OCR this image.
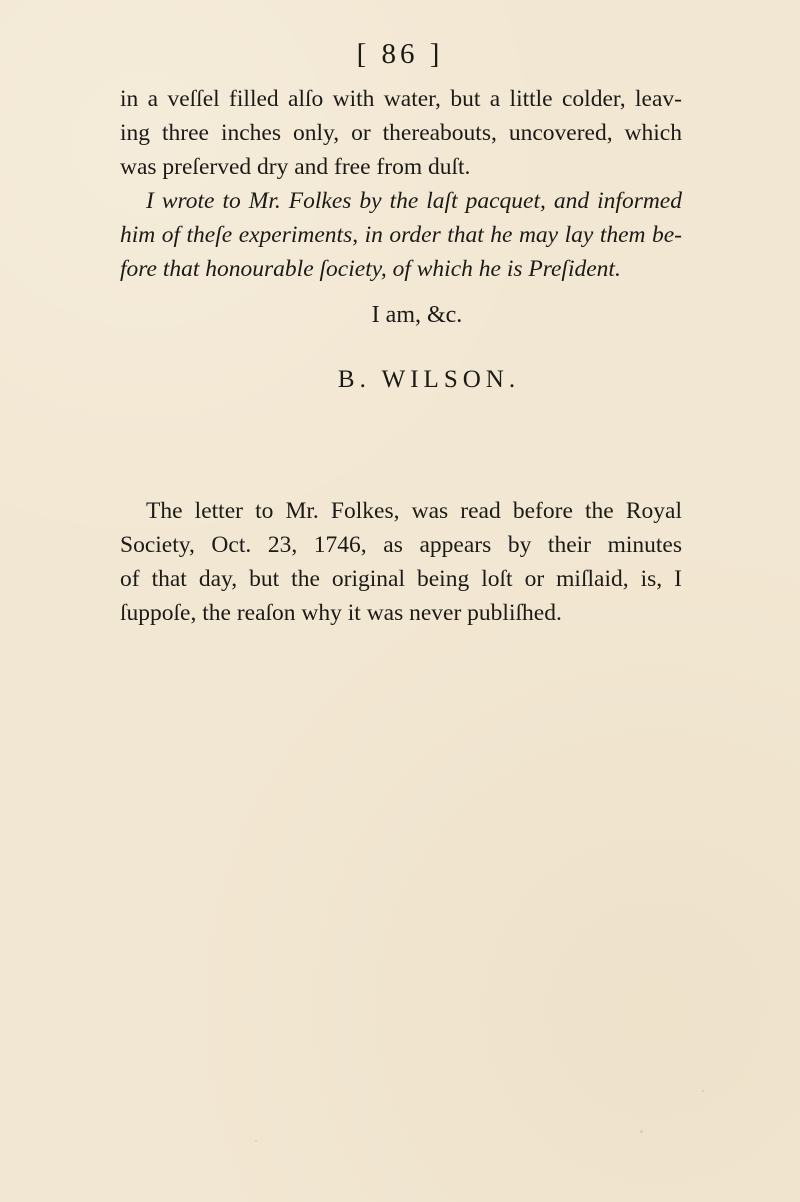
[ 86 ]
in a veſſel filled alſo with water, but a little colder, leav-
ing three inches only, or thereabouts, uncovered, which
was preſerved dry and free from duſt.
I wrote to Mr. Folkes by the laſt pacquet, and informed
him of theſe experiments, in order that he may lay them be-
fore that honourable ſociety, of which he is Preſident.
I am, &c.
B. WILSON.
The letter to Mr. Folkes, was read before the Royal
Society, Oct. 23, 1746, as appears by their minutes
of that day, but the original being loſt or miſlaid, is, I
ſuppoſe, the reaſon why it was never publiſhed.
